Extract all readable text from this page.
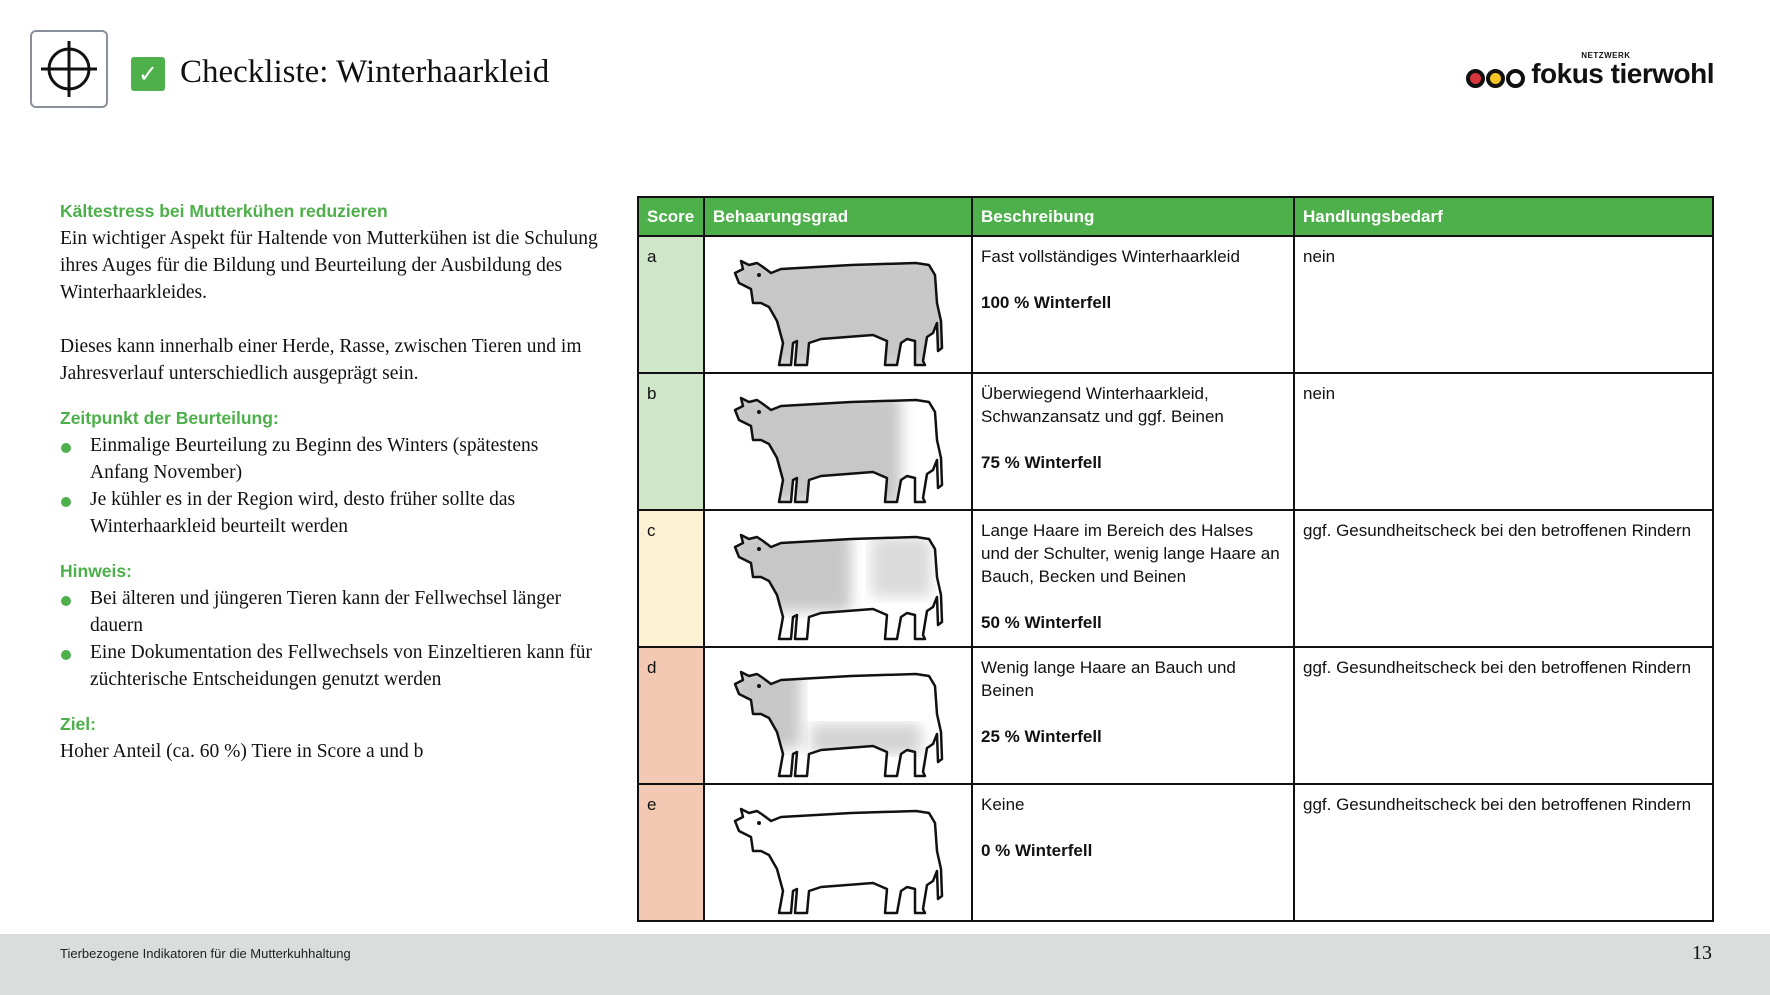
✓ Checkliste: Winterhaarkleid	NETZWERK
fokus tierwohl
Kältestress bei Mutterkühen reduzieren

Ein wichtiger Aspekt für Haltende von Mutterkühen ist die Schulung ihres Auges für die Bildung und Beurteilung der Ausbildung des Winterhaarkleides.

Dieses kann innerhalb einer Herde, Rasse, zwischen Tieren und im Jahresverlauf unterschiedlich ausgeprägt sein.

Zeitpunkt der Beurteilung:
Einmalige Beurteilung zu Beginn des Winters (spätestens Anfang November)
Je kühler es in der Region wird, desto früher sollte das Winterhaarkleid beurteilt werden
Hinweis:
Bei älteren und jüngeren Tieren kann der Fellwechsel länger dauern
Eine Dokumentation des Fellwechsels von Einzeltieren kann für züchterische Entscheidungen genutzt werden
Ziel:

Hoher Anteil (ca. 60 %) Tiere in Score a und b

Score	Behaarungsgrad	Beschreibung	Handlungsbedarf
a		Fast vollständiges Winterhaarkleid
100 % Winterfell	nein
b		Überwiegend Winterhaarkleid, Schwanzansatz und ggf. Beinen
75 % Winterfell	nein
c		Lange Haare im Bereich des Halses und der Schulter, wenig lange Haare an Bauch, Becken und Beinen
50 % Winterfell	ggf. Gesundheitscheck bei den betroffenen Rindern
d		Wenig lange Haare an Bauch und Beinen
25 % Winterfell	ggf. Gesundheitscheck bei den betroffenen Rindern
e		Keine
0 % Winterfell	ggf. Gesundheitscheck bei den betroffenen Rindern
Tierbezogene Indikatoren für die Mutterkuhhaltung	13
